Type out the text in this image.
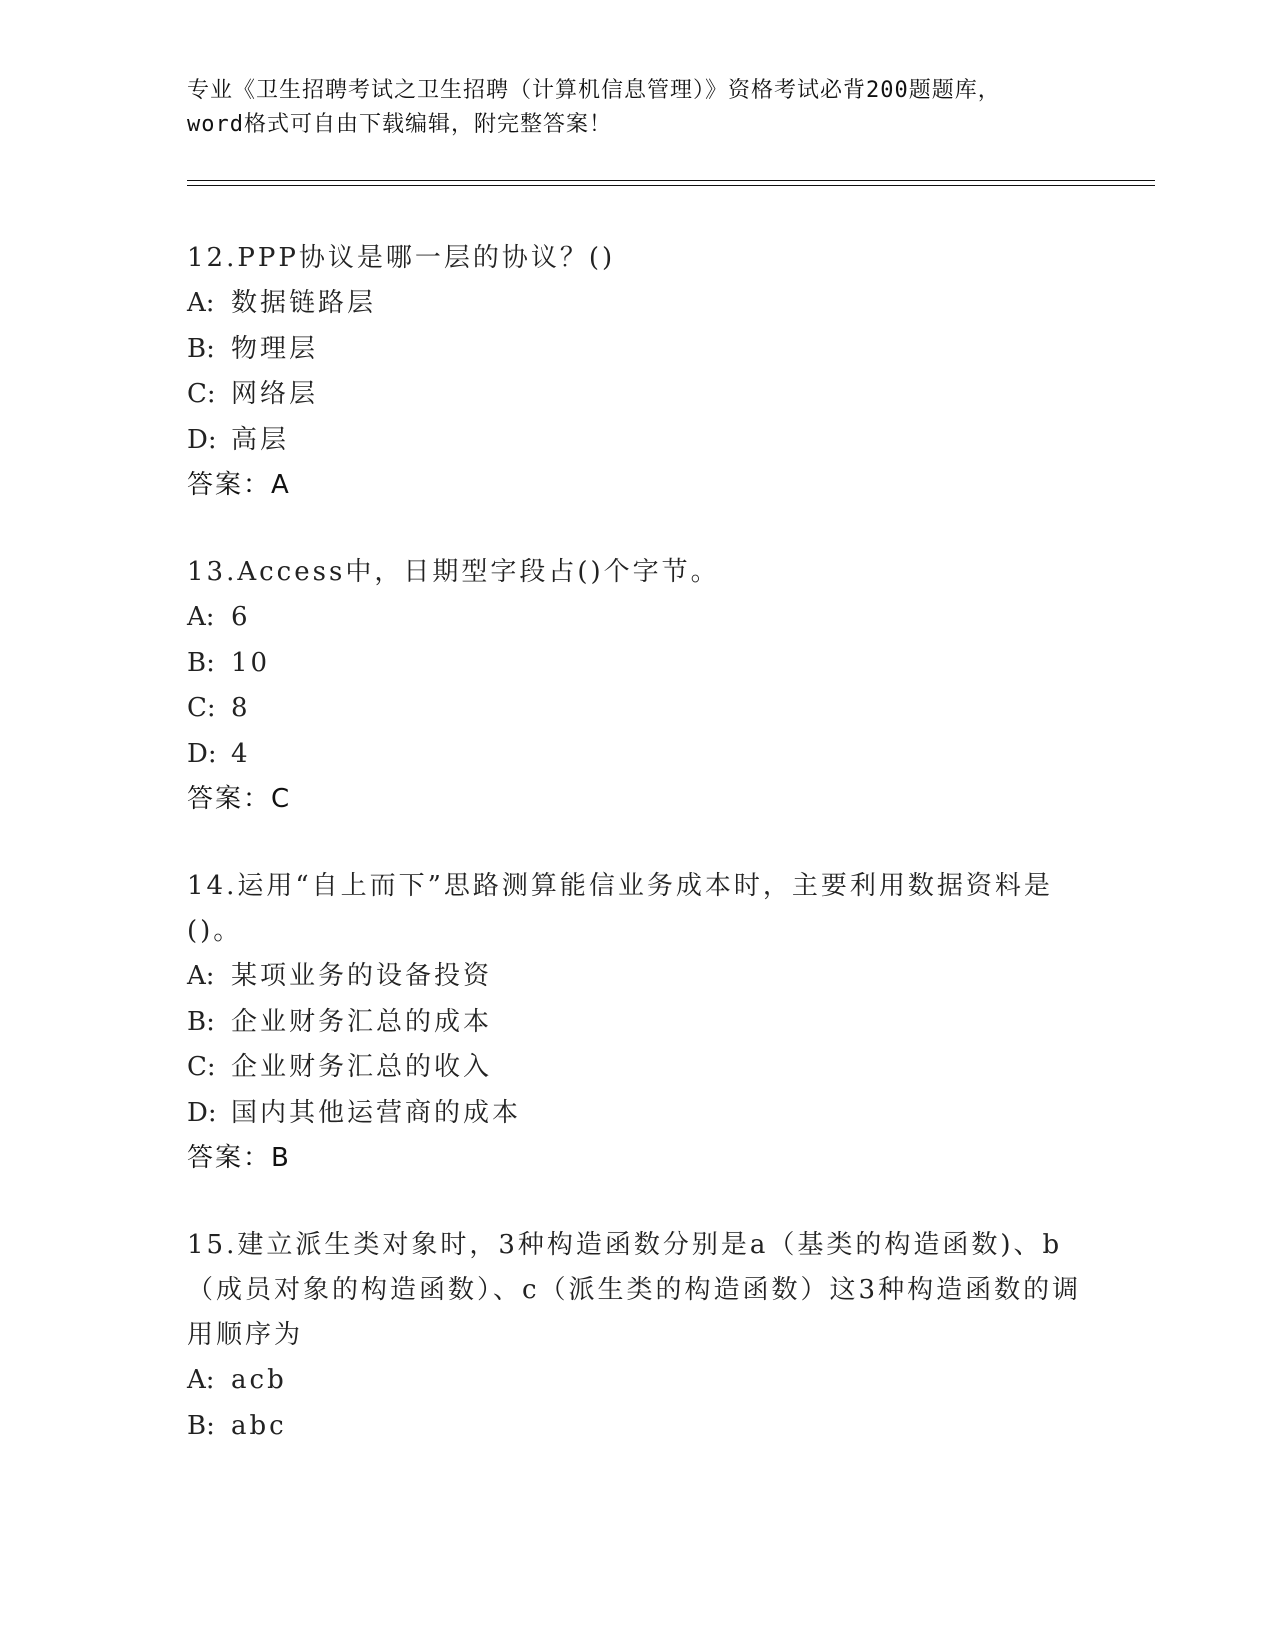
专业《卫生招聘考试之卫生招聘（计算机信息管理）》资格考试必背200题题库，
word格式可自由下载编辑，附完整答案！
12.PPP协议是哪一层的协议？()
A: 数据链路层
B: 物理层
C: 网络层
D: 高层
答案：A
13.Access中，日期型字段占()个字节。
A: 6
B: 10
C: 8
D: 4
答案：C
14.运用“自上而下”思路测算能信业务成本时，主要利用数据资料是()。
A: 某项业务的设备投资
B: 企业财务汇总的成本
C: 企业财务汇总的收入
D: 国内其他运营商的成本
答案：B
15.建立派生类对象时，3种构造函数分别是a（基类的构造函数)、b（成员对象的构造函数）、c（派生类的构造函数）这3种构造函数的调用顺序为
A: acb
B: abc
